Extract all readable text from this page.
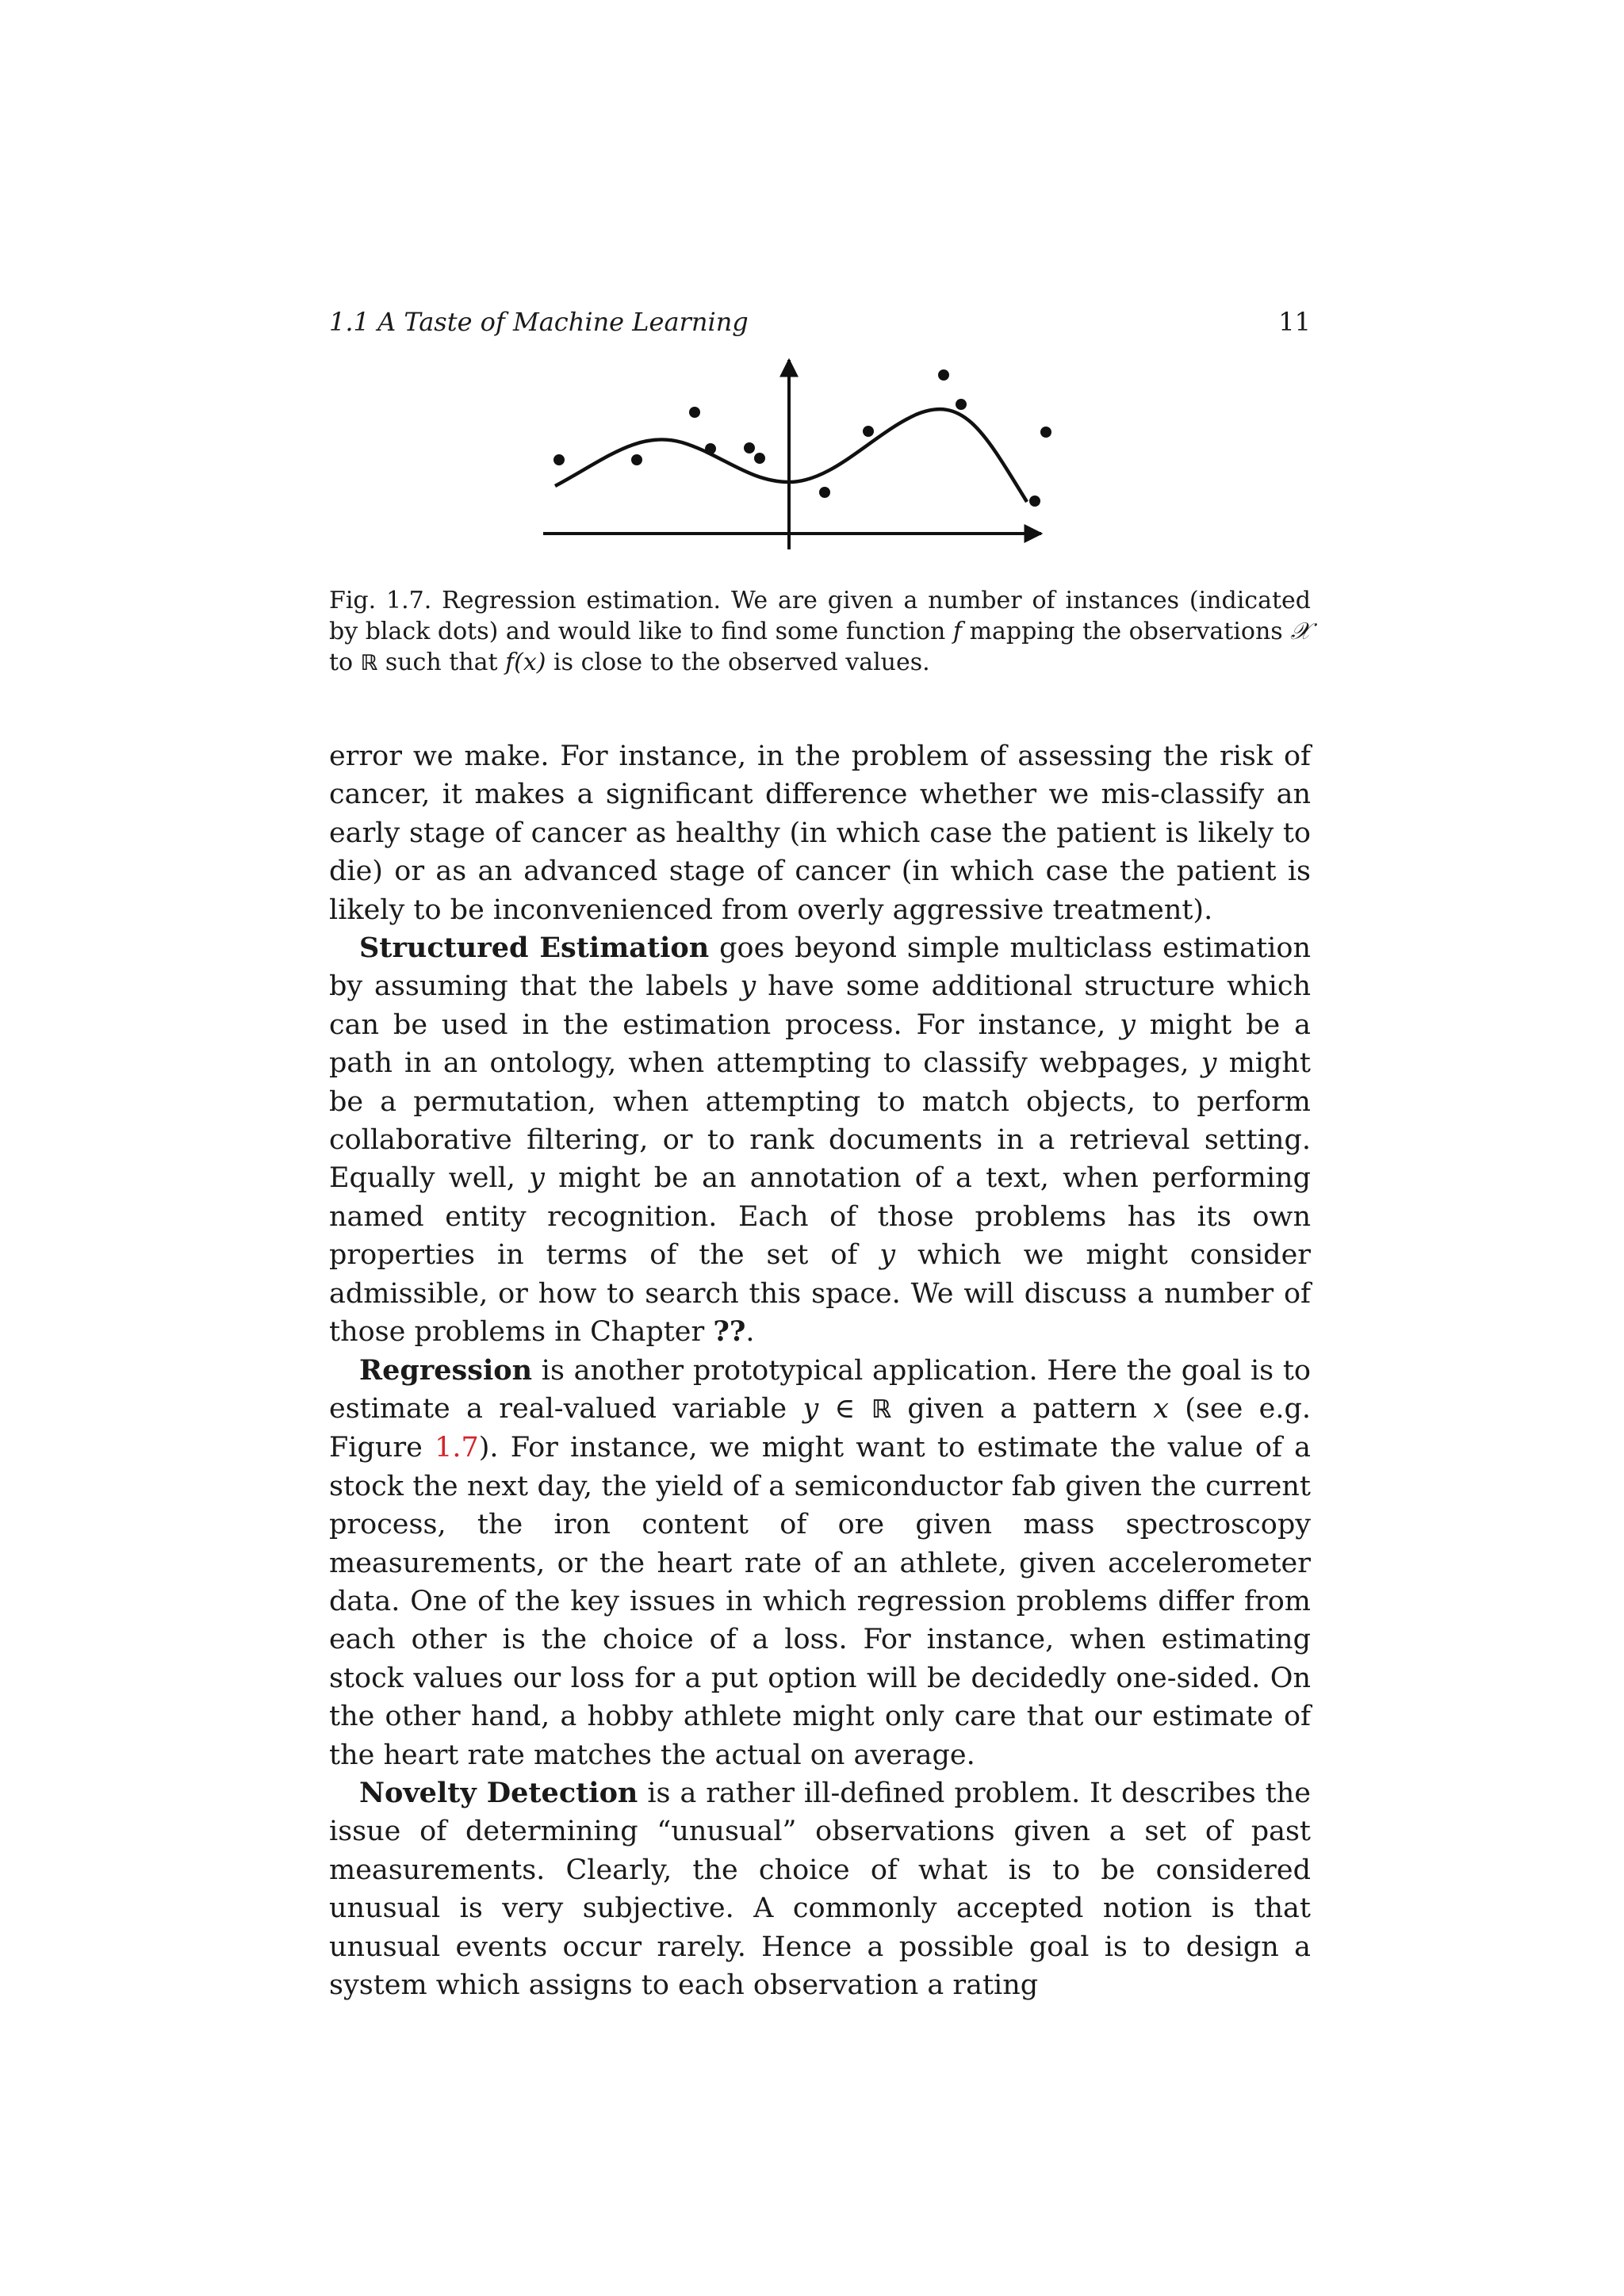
1.1 A Taste of Machine Learning	11
Fig. 1.7. Regression estimation. We are given a number of instances (indicated by black dots) and would like to find some function f mapping the observations 𝒳 to ℝ such that f(x) is close to the observed values.

error we make. For instance, in the problem of assessing the risk of cancer, it makes a significant difference whether we mis-classify an early stage of cancer as healthy (in which case the patient is likely to die) or as an advanced stage of cancer (in which case the patient is likely to be inconvenienced from overly aggressive treatment).

Structured Estimation goes beyond simple multiclass estimation by assuming that the labels y have some additional structure which can be used in the estimation process. For instance, y might be a path in an ontology, when attempting to classify webpages, y might be a permutation, when attempting to match objects, to perform collaborative filtering, or to rank documents in a retrieval setting. Equally well, y might be an annotation of a text, when performing named entity recognition. Each of those problems has its own properties in terms of the set of y which we might consider admissible, or how to search this space. We will discuss a number of those problems in Chapter ??.

Regression is another prototypical application. Here the goal is to estimate a real-valued variable y ∈ ℝ given a pattern x (see e.g. Figure 1.7). For instance, we might want to estimate the value of a stock the next day, the yield of a semiconductor fab given the current process, the iron content of ore given mass spectroscopy measurements, or the heart rate of an athlete, given accelerometer data. One of the key issues in which regression problems differ from each other is the choice of a loss. For instance, when estimating stock values our loss for a put option will be decidedly one-sided. On the other hand, a hobby athlete might only care that our estimate of the heart rate matches the actual on average.

Novelty Detection is a rather ill-defined problem. It describes the issue of determining “unusual” observations given a set of past measurements. Clearly, the choice of what is to be considered unusual is very subjective. A commonly accepted notion is that unusual events occur rarely. Hence a possible goal is to design a system which assigns to each observation a rating
